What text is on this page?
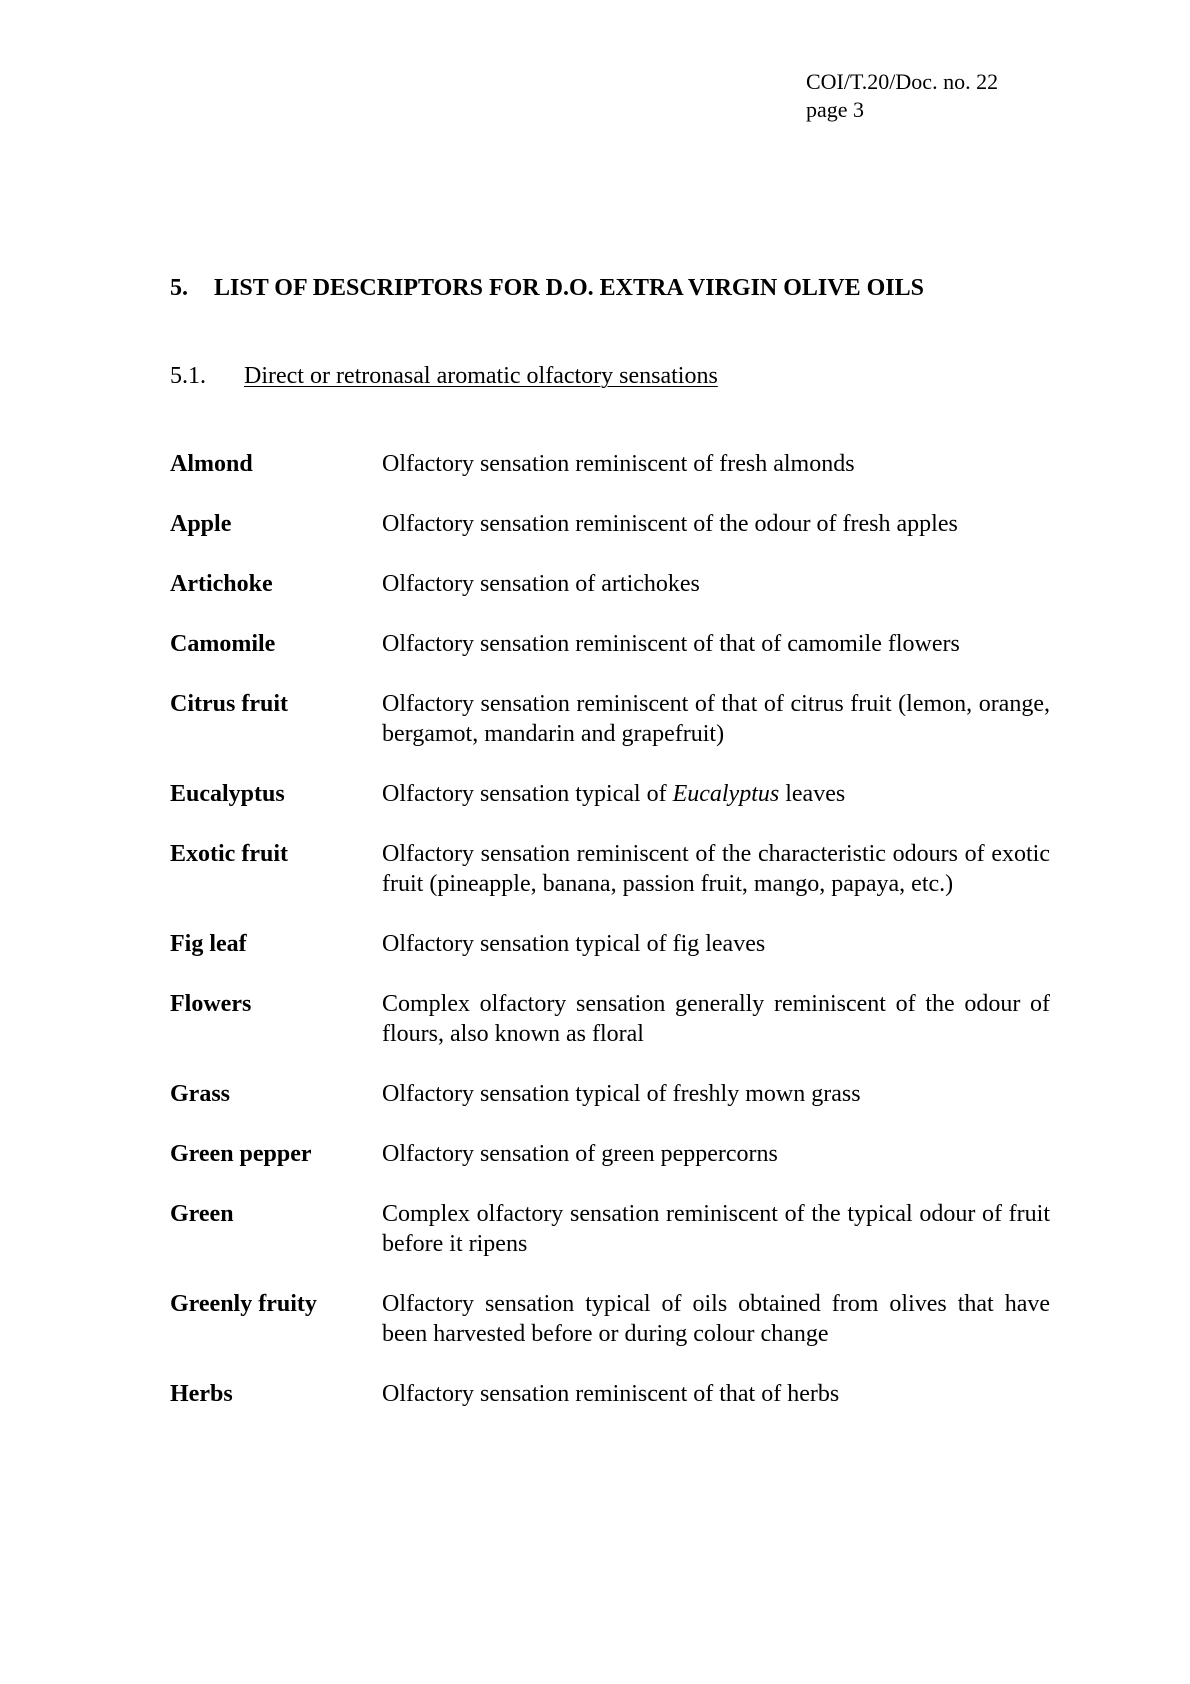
COI/T.20/Doc. no. 22
page 3
5. LIST OF DESCRIPTORS FOR D.O. EXTRA VIRGIN OLIVE OILS
5.1. Direct or retronasal aromatic olfactory sensations
Almond	Olfactory sensation reminiscent of fresh almonds
Apple	Olfactory sensation reminiscent of the odour of fresh apples
Artichoke	Olfactory sensation of artichokes
Camomile	Olfactory sensation reminiscent of that of camomile flowers
Citrus fruit	Olfactory sensation reminiscent of that of citrus fruit (lemon, orange, bergamot, mandarin and grapefruit)
Eucalyptus	Olfactory sensation typical of Eucalyptus leaves
Exotic fruit	Olfactory sensation reminiscent of the characteristic odours of exotic fruit (pineapple, banana, passion fruit, mango, papaya, etc.)
Fig leaf	Olfactory sensation typical of fig leaves
Flowers	Complex olfactory sensation generally reminiscent of the odour of flours, also known as floral
Grass	Olfactory sensation typical of freshly mown grass
Green pepper	Olfactory sensation of green peppercorns
Green	Complex olfactory sensation reminiscent of the typical odour of fruit before it ripens
Greenly fruity	Olfactory sensation typical of oils obtained from olives that have been harvested before or during colour change
Herbs	Olfactory sensation reminiscent of that of herbs
